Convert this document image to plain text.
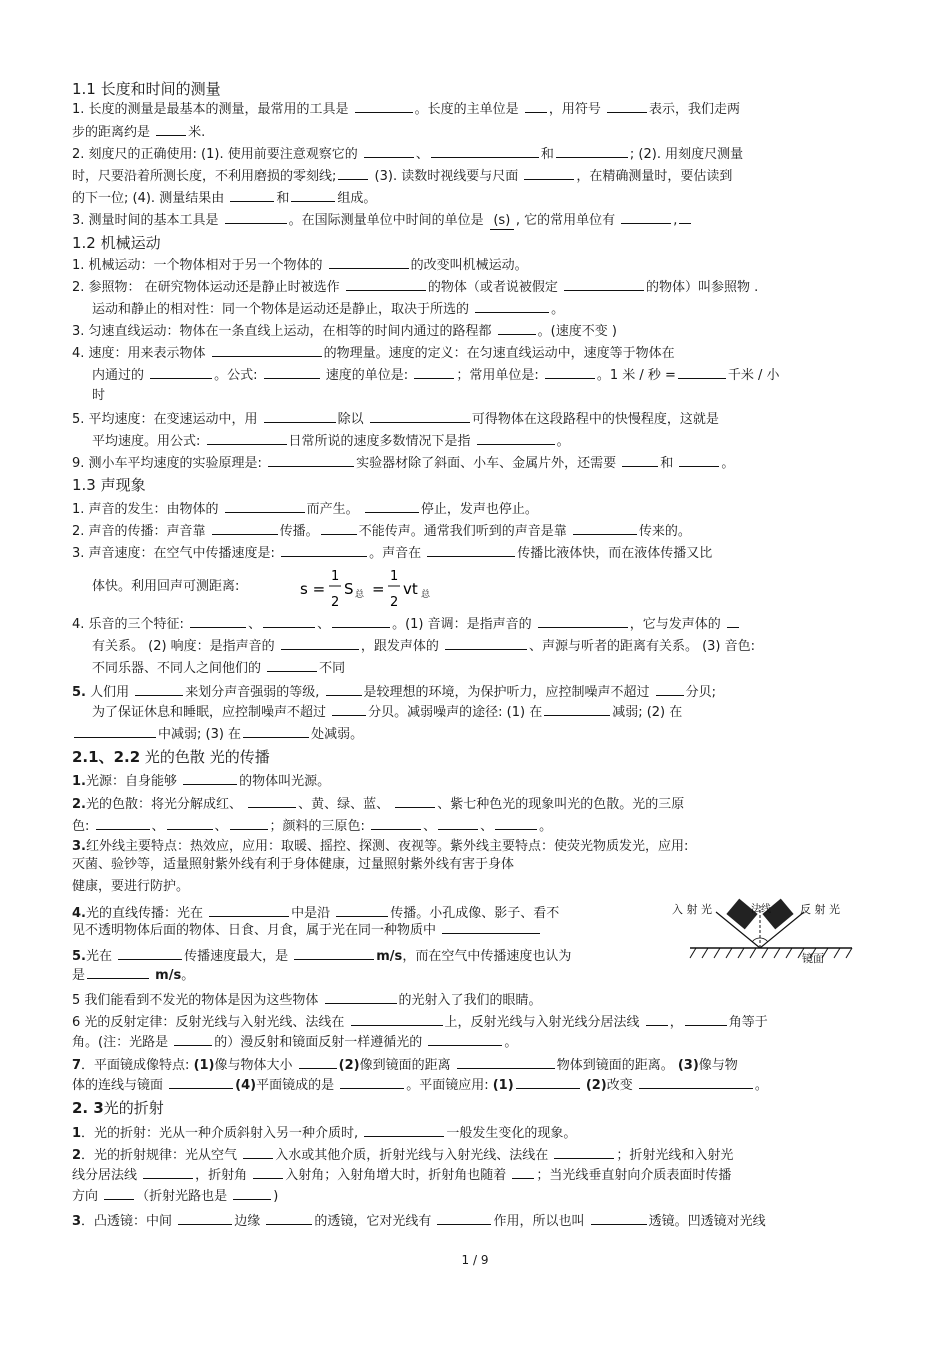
1.1 长度和时间的测量
1. 长度的测量是最基本的测量，最常用的工具是	。长度的主单位是 ，用符号	表示，我们走两
步的距离约是	米.
2. 刻度尺的正确使用: (1). 使用前要注意观察它的	、	和	; (2). 用刻度尺测量
时，尺要沿着所测长度，不利用磨损的零刻线;	(3). 读数时视线要与尺面	，在精确测量时，要估读到
的下一位; (4). 测量结果由	和	组成。
3. 测量时间的基本工具是	。在国际测量单位中时间的单位是 (s) , 它的常用单位有	,
1.2 机械运动
1. 机械运动：一个物体相对于另一个物体的	的改变叫机械运动。
2. 参照物： 在研究物体运动还是静止时被选作	的物体（或者说被假定	的物体）叫参照物 .
运动和静止的相对性：同一个物体是运动还是静止，取决于所选的	。
3. 匀速直线运动：物体在一条直线上运动，在相等的时间内通过的路程都	。(速度不变 )
4. 速度：用来表示物体	的物理量。速度的定义：在匀速直线运动中，速度等于物体在
内通过的	。公式:	速度的单位是:	；常用单位是:	。1 米 / 秒 =	千米 / 小
时
5. 平均速度：在变速运动中，用	除以	可得物体在这段路程中的快慢程度，这就是
平均速度。用公式:	日常所说的速度多数情况下是指	。
9. 测小车平均速度的实验原理是:	实验器材除了斜面、小车、金属片外，还需要	和	。
1.3 声现象
1. 声音的发生：由物体的	而产生。	停止，发声也停止。
2. 声音的传播：声音靠	传播。	不能传声。通常我们听到的声音是靠	传来的。
3. 声音速度：在空气中传播速度是:	。声音在	传播比液体快，而在液体传播又比
体快。利用回声可测距离:
4. 乐音的三个特征:	、	、	。(1) 音调：是指声音的	，它与发声体的
有关系。 (2) 响度：是指声音的	，跟发声体的	、声源与听者的距离有关系。 (3) 音色:
不同乐器、不同人之间他们的	不同
5. 人们用	来划分声音强弱的等级,	是较理想的环境，为保护听力，应控制噪声不超过 分贝;
为了保证休息和睡眠，应控制噪声不超过	分贝。减弱噪声的途径: (1) 在	减弱; (2) 在
中减弱; (3) 在	处减弱。
2.1、2.2 光的色散 光的传播
1.光源：自身能够	的物体叫光源。
2.光的色散：将光分解成红、	、黄、绿、蓝、	、紫七种色光的现象叫光的色散。光的三原
色:	、	、	；颜料的三原色:	、	、	。
3.红外线主要特点：热效应，应用：取暖、摇控、探测、夜视等。紫外线主要特点：使荧光物质发光，应用:
灭菌、验钞等，适量照射紫外线有利于身体健康，过量照射紫外线有害于身体
健康，要进行防护。
4.光的直线传播：光在	中是沿	传播。小孔成像、影子、看不
见不透明物体后面的物体、日食、月食，属于光在同一种物质中
5.光在	传播速度最大，是	m/s，而在空气中传播速度也认为
是	m/s。
5 我们能看到不发光的物体是因为这些物体	的光射入了我们的眼睛。
6 光的反射定律：反射光线与入射光线、法线在	上，反射光线与入射光线分居法线 ，	角等于
角。(注：光路是	的）漫反射和镜面反射一样遵循光的	。
7．平面镜成像特点: (1)像与物体大小	(2)像到镜面的距离	物体到镜面的距离。 (3)像与物
体的连线与镜面	(4)平面镜成的是	。平面镜应用: (1)	(2)改变	。
2. 3光的折射
1．光的折射：光从一种介质斜射入另一种介质时,	一般发生变化的现象。
2．光的折射规律：光从空气	入水或其他介质，折射光线与入射光线、法线在	；折射光线和入射光
线分居法线	，折射角	入射角；入射角增大时，折射角也随着 ；当光线垂直射向介质表面时传播
方向	（折射光路也是	)
3．凸透镜：中间	边缘	的透镜，它对光线有	作用，所以也叫	透镜。凹透镜对光线
s =
1
2
S 总 =
1
2
vt 总
入 射 光	法线	反 射 光
镜面
1 / 9
